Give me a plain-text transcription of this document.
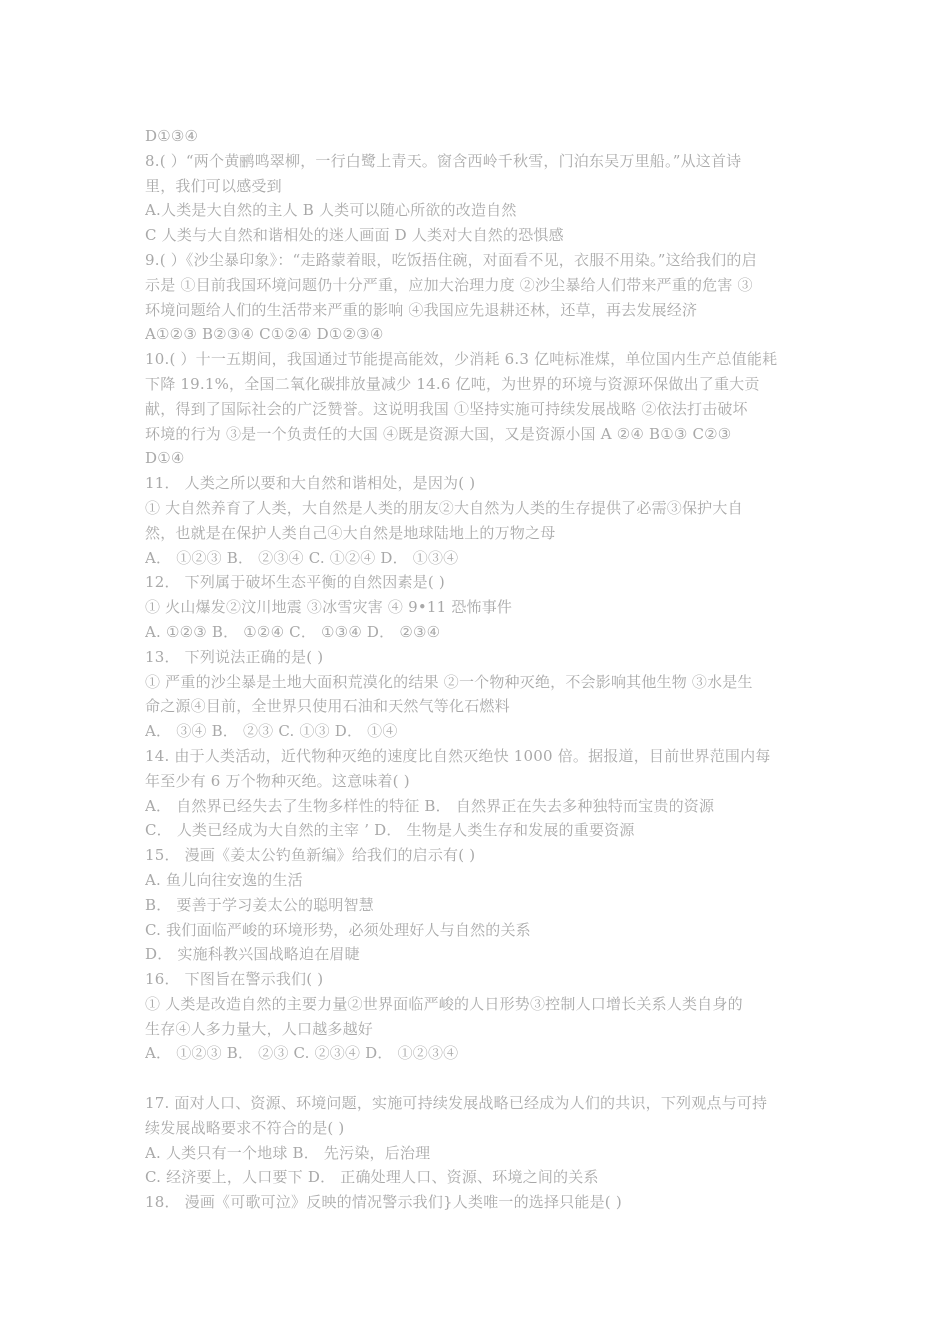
D①③④
8.( ）“两个黄鹂鸣翠柳，一行白鹭上青天。窗含西岭千秋雪，门泊东吴万里船。”从这首诗
里，我们可以感受到
A.人类是大自然的主人 B 人类可以随心所欲的改造自然
C 人类与大自然和谐相处的迷人画面 D 人类对大自然的恐惧感
9.( ）《沙尘暴印象》：“走路蒙着眼，吃饭捂住碗，对面看不见，衣服不用染。”这给我们的启
示是 ①目前我国环境问题仍十分严重，应加大治理力度 ②沙尘暴给人们带来严重的危害 ③
环境问题给人们的生活带来严重的影响 ④我国应先退耕还林，还草，再去发展经济
A①②③ B②③④ C①②④ D①②③④
10.( ）十一五期间，我国通过节能提高能效，少消耗 6.3 亿吨标准煤，单位国内生产总值能耗
下降 19.1%，全国二氧化碳排放量减少 14.6 亿吨，为世界的环境与资源环保做出了重大贡
献，得到了国际社会的广泛赞誉。这说明我国 ①坚持实施可持续发展战略 ②依法打击破坏
环境的行为 ③是一个负责任的大国 ④既是资源大国，又是资源小国 A ②④ B①③ C②③
D①④
11． 人类之所以要和大自然和谐相处，是因为( )
① 大自然养育了人类，大自然是人类的朋友②大自然为人类的生存提供了必需③保护大自
然，也就是在保护人类自己④大自然是地球陆地上的万物之母
A． ①②③ B． ②③④ C. ①②④ D． ①③④
12． 下列属于破坏生态平衡的自然因素是( )
① 火山爆发②汶川地震 ③冰雪灾害 ④ 9•11 恐怖事件
A. ①②③ B． ①②④ C． ①③④ D． ②③④
13． 下列说法正确的是( )
① 严重的沙尘暴是土地大面积荒漠化的结果 ②一个物种灭绝，不会影响其他生物 ③水是生
命之源④目前，全世界只使用石油和天然气等化石燃料
A． ③④ B． ②③ C. ①③ D． ①④
14. 由于人类活动，近代物种灭绝的速度比自然灭绝快 1000 倍。据报道，目前世界范围内每
年至少有 6 万个物种灭绝。这意味着( )
A． 自然界已经失去了生物多样性的特征 B． 自然界正在失去多种独特而宝贵的资源
C． 人类已经成为大自然的主宰 ’ D． 生物是人类生存和发展的重要资源
15． 漫画《姜太公钓鱼新编》给我们的启示有( )
A. 鱼儿向往安逸的生活
B． 要善于学习姜太公的聪明智慧
C. 我们面临严峻的环境形势，必须处理好人与自然的关系
D． 实施科教兴国战略迫在眉睫
16． 下图旨在警示我们( )
① 人类是改造自然的主要力量②世界面临严峻的人日形势③控制人口增长关系人类自身的
生存④人多力量大，人口越多越好
A． ①②③ B． ②③ C. ②③④ D． ①②③④
17. 面对人口、资源、环境问题，实施可持续发展战略已经成为人们的共识，下列观点与可持
续发展战略要求不符合的是( )
A. 人类只有一个地球 B． 先污染，后治理
C. 经济要上，人口要下 D． 正确处理人口、资源、环境之间的关系
18． 漫画《可歌可泣》反映的情况警示我们}人类唯一的选择只能是( )
